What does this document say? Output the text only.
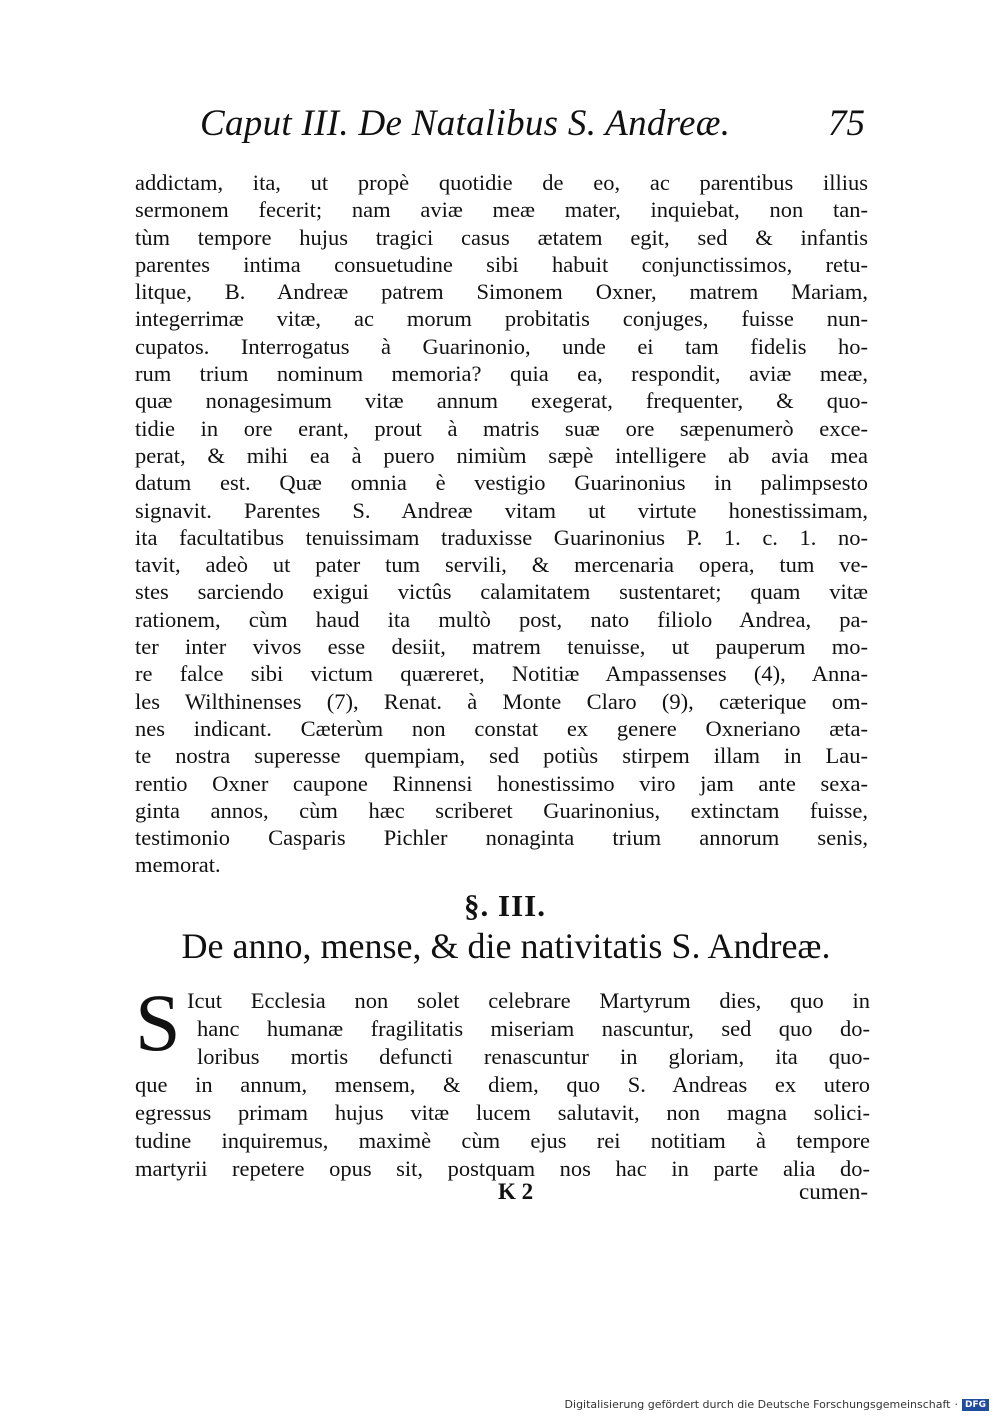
Caput III. De Natalibus S. Andreæ.	75
addictam, ita, ut propè quotidie de eo, ac parentibus illius
sermonem fecerit; nam aviæ meæ mater, inquiebat, non tan-
tùm tempore hujus tragici casus ætatem egit, sed & infantis
parentes intima consuetudine sibi habuit conjunctissimos, retu-
litque, B. Andreæ patrem Simonem Oxner, matrem Mariam,
integerrimæ vitæ, ac morum probitatis conjuges, fuisse nun-
cupatos. Interrogatus à Guarinonio, unde ei tam fidelis ho-
rum trium nominum memoria? quia ea, respondit, aviæ meæ,
quæ nonagesimum vitæ annum exegerat, frequenter, & quo-
tidie in ore erant, prout à matris suæ ore sæpenumerò exce-
perat, & mihi ea à puero nimiùm sæpè intelligere ab avia mea
datum est. Quæ omnia è vestigio Guarinonius in palimpsesto
signavit. Parentes S. Andreæ vitam ut virtute honestissimam,
ita facultatibus tenuissimam traduxisse Guarinonius P. 1. c. 1. no-
tavit, adeò ut pater tum servili, & mercenaria opera, tum ve-
stes sarciendo exigui victûs calamitatem sustentaret; quam vitæ
rationem, cùm haud ita multò post, nato filiolo Andrea, pa-
ter inter vivos esse desiit, matrem tenuisse, ut pauperum mo-
re falce sibi victum quæreret, Notitiæ Ampassenses (4), Anna-
les Wilthinenses (7), Renat. à Monte Claro (9), cæterique om-
nes indicant. Cæterùm non constat ex genere Oxneriano æta-
te nostra superesse quempiam, sed potiùs stirpem illam in Lau-
rentio Oxner caupone Rinnensi honestissimo viro jam ante sexa-
ginta annos, cùm hæc scriberet Guarinonius, extinctam fuisse,
testimonio Casparis Pichler nonaginta trium annorum senis,
memorat.
§. III.
De anno, mense, & die nativitatis S. Andreæ.
S Icut Ecclesia non solet celebrare Martyrum dies, quo in
hanc humanæ fragilitatis miseriam nascuntur, sed quo do-
loribus mortis defuncti renascuntur in gloriam, ita quo-
que in annum, mensem, & diem, quo S. Andreas ex utero
egressus primam hujus vitæ lucem salutavit, non magna solici-
tudine inquiremus, maximè cùm ejus rei notitiam à tempore
martyrii repetere opus sit, postquam nos hac in parte alia do-
K 2	cumen-
Digitalisierung gefördert durch die Deutsche Forschungsgemeinschaft · DFG
